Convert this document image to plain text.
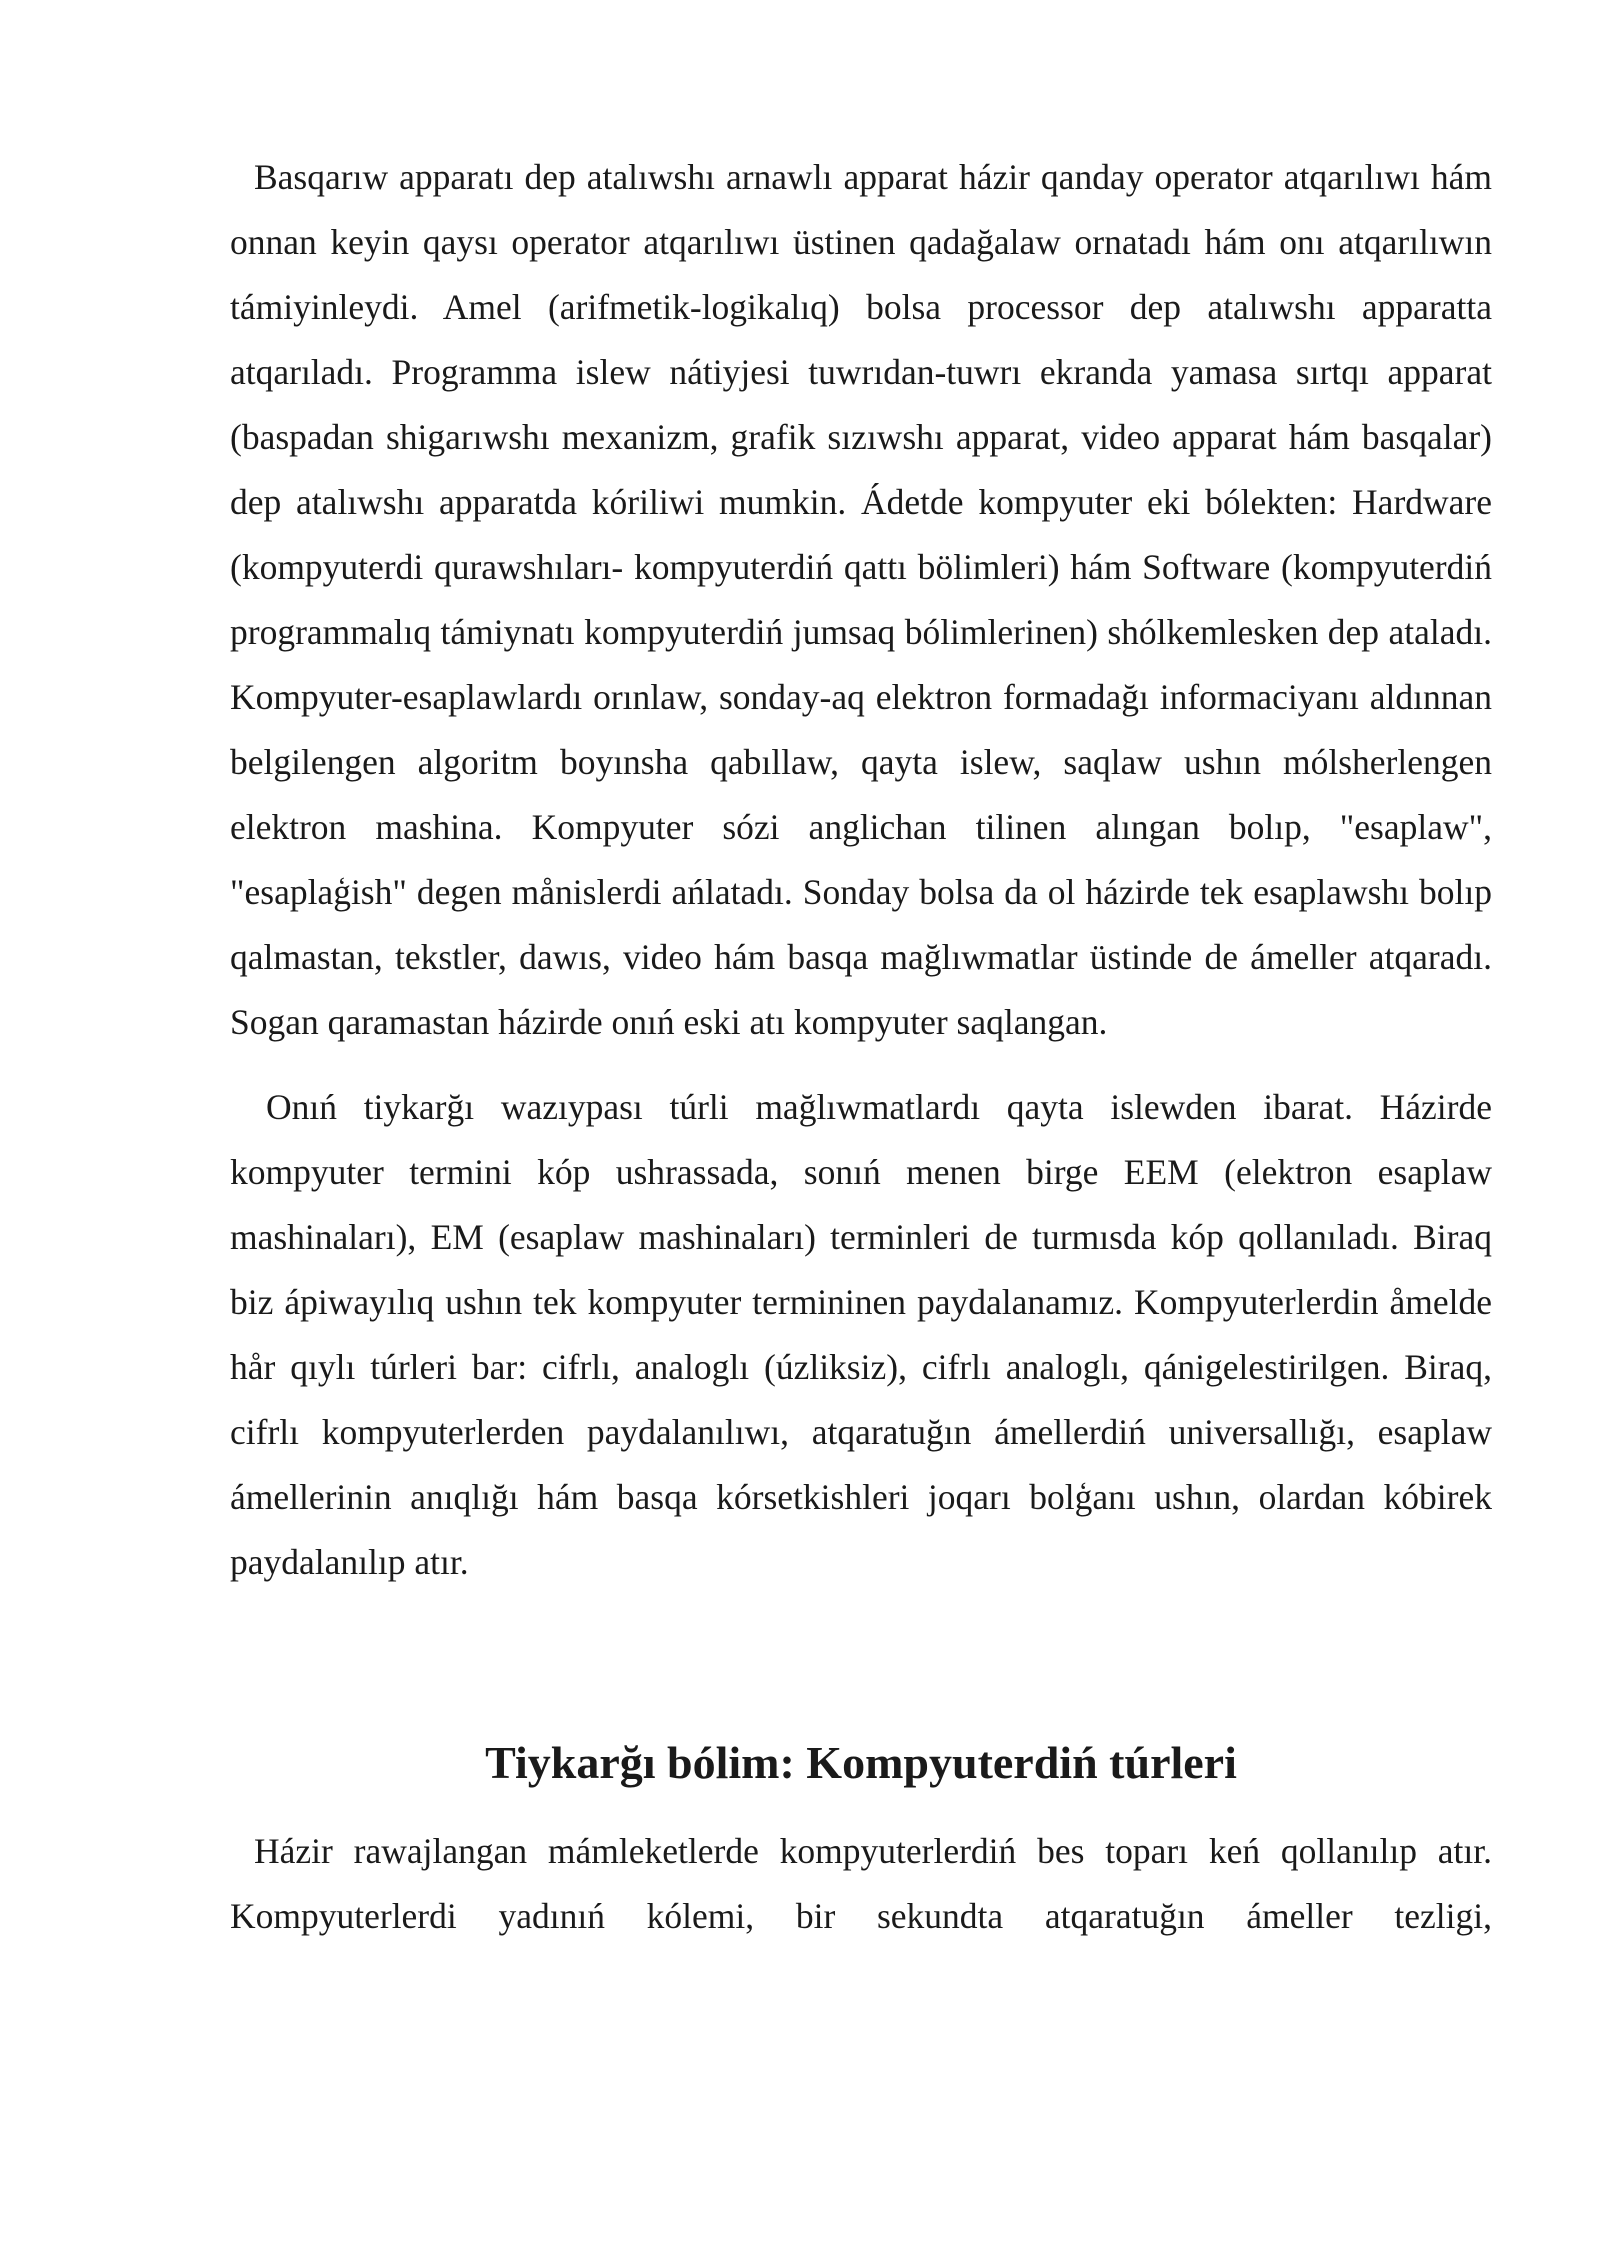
Basqarıw apparatı dep atalıwshı arnawlı apparat házir qanday operator atqarılıwı hám onnan keyin qaysı operator atqarılıwı üstinen qadağalaw ornatadı hám onı atqarılıwın támiyinleydi. Amel (arifmetik-logikalıq) bolsa processor dep atalıwshı apparatta atqarıladı. Programma islew nátiyjesi tuwrıdan-tuwrı ekranda yamasa sırtqı apparat (baspadan shigarıwshı mexanizm, grafik sızıwshı apparat, video apparat hám basqalar) dep atalıwshı apparatda kóriliwi mumkin. Ádetde kompyuter eki bólekten: Hardware (kompyuterdi qurawshıları- kompyuterdiń qattı bölimleri) hám Software (kompyuterdiń programmalıq támiynatı kompyuterdiń jumsaq bólimlerinen) shólkemlesken dep ataladı. Kompyuter-esaplawlardı orınlaw, sonday-aq elektron formadağı informaciyanı aldınnan belgilengen algoritm boyınsha qabıllaw, qayta islew, saqlaw ushın mólsherlengen elektron mashina. Kompyuter sózi anglichan tilinen alıngan bolıp, "esaplaw", "esaplaģish" degen månislerdi ańlatadı. Sonday bolsa da ol házirde tek esaplawshı bolıp qalmastan, tekstler, dawıs, video hám basqa mağlıwmatlar üstinde de ámeller atqaradı. Sogan qaramastan házirde onıń eski atı kompyuter saqlangan.

Onıń tiykarğı wazıypası túrli mağlıwmatlardı qayta islewden ibarat. Házirde kompyuter termini kóp ushrassada, sonıń menen birge EEM (elektron esaplaw mashinaları), EM (esaplaw mashinaları) terminleri de turmısda kóp qollanıladı. Biraq biz ápiwayılıq ushın tek kompyuter termininen paydalanamız. Kompyuterlerdin åmelde hår qıylı túrleri bar: cifrlı, analoglı (úzliksiz), cifrlı analoglı, qánigelestirilgen. Biraq, cifrlı kompyuterlerden paydalanılıwı, atqaratuğın ámellerdiń universallığı, esaplaw ámellerinin anıqlığı hám basqa kórsetkishleri joqarı bolģanı ushın, olardan kóbirek paydalanılıp atır.

Tiykarğı bólim: Kompyuterdiń túrleri

Házir rawajlangan mámleketlerde kompyuterlerdiń bes toparı keń qollanılıp atır. Kompyuterlerdi yadınıń kólemi, bir sekundta atqaratuğın ámeller tezligi,
